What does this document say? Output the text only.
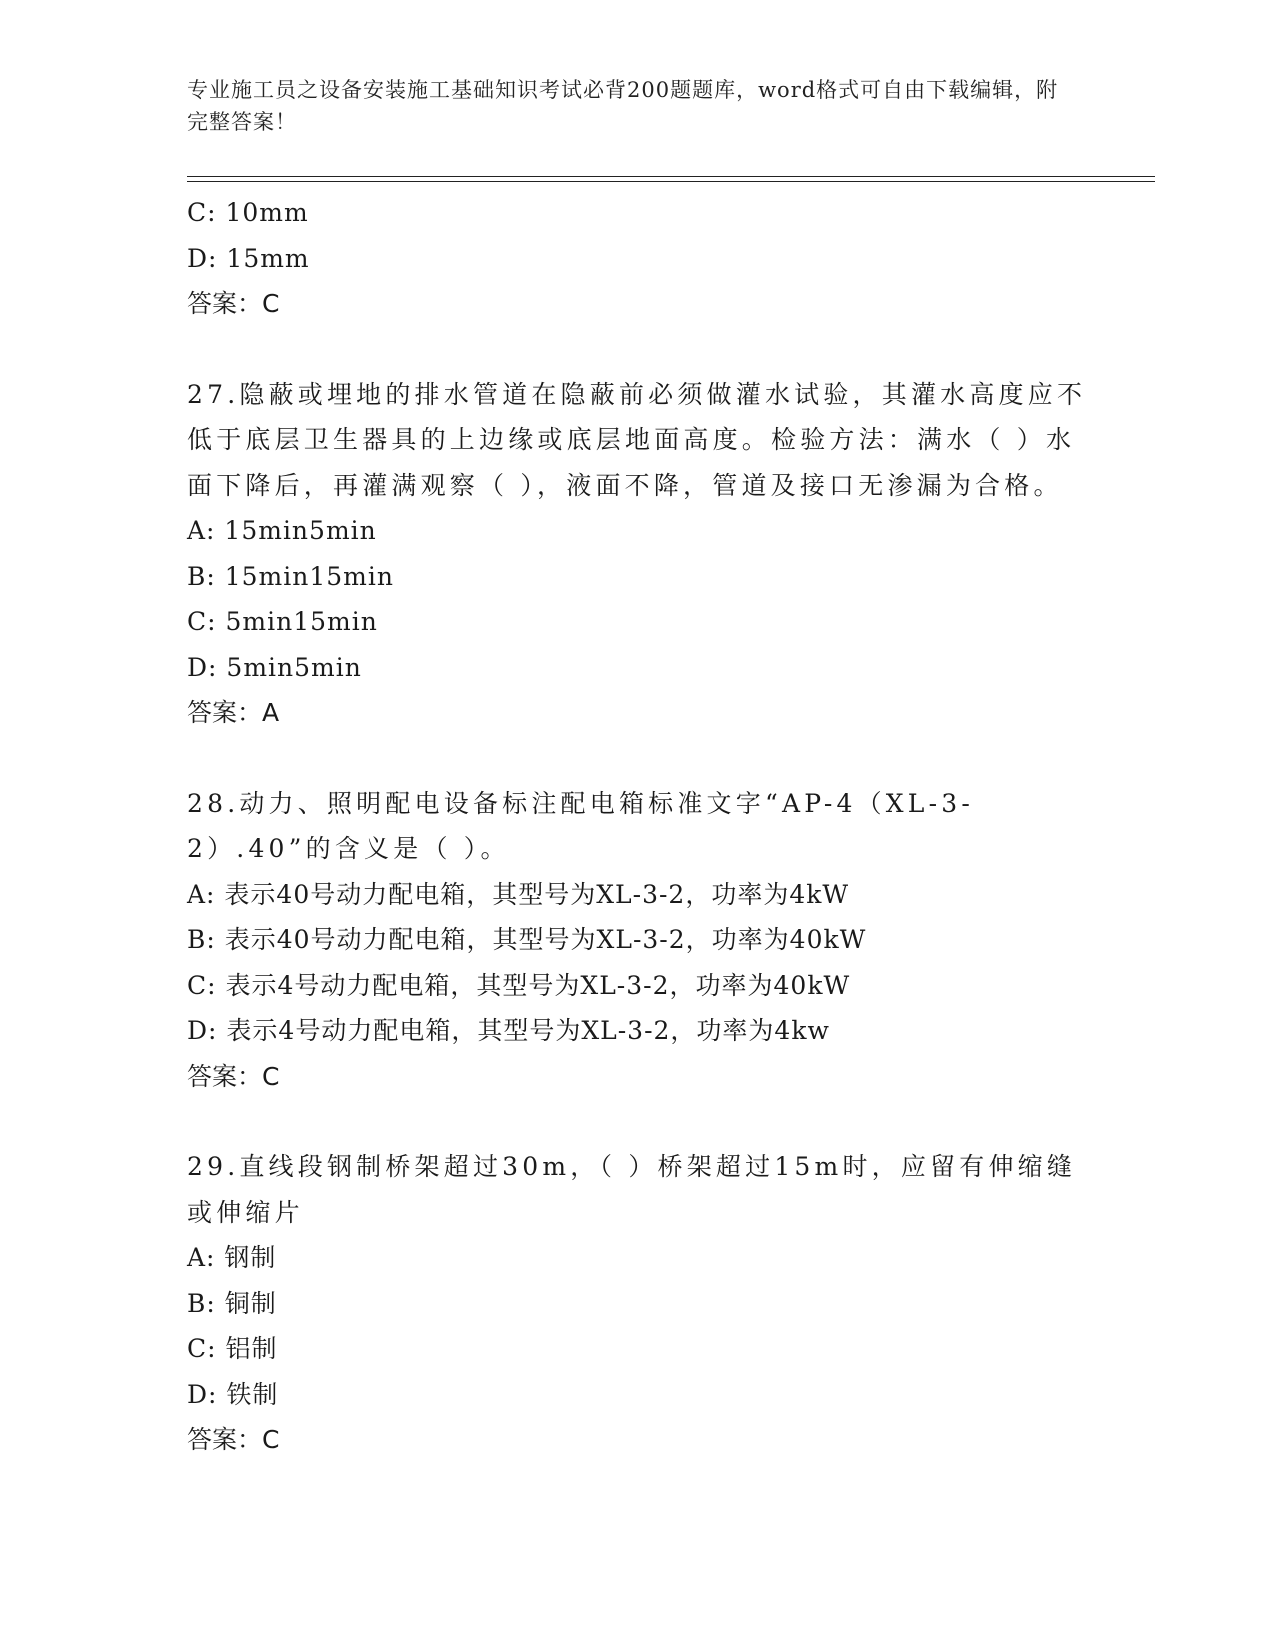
专业施工员之设备安装施工基础知识考试必背200题题库，word格式可自由下载编辑，附完整答案！
C: 10mm
D: 15mm
答案：C
27.隐蔽或埋地的排水管道在隐蔽前必须做灌水试验，其灌水高度应不低于底层卫生器具的上边缘或底层地面高度。检验方法：满水（ ）水面下降后，再灌满观察（ ），液面不降，管道及接口无渗漏为合格。
A: 15min5min
B: 15min15min
C: 5min15min
D: 5min5min
答案：A
28.动力、照明配电设备标注配电箱标准文字“AP-4（XL-3-2）.40”的含义是（ ）。
A: 表示40号动力配电箱，其型号为XL-3-2，功率为4kW
B: 表示40号动力配电箱，其型号为XL-3-2，功率为40kW
C: 表示4号动力配电箱，其型号为XL-3-2，功率为40kW
D: 表示4号动力配电箱，其型号为XL-3-2，功率为4kw
答案：C
29.直线段钢制桥架超过30m，（ ）桥架超过15m时，应留有伸缩缝或伸缩片
A: 钢制
B: 铜制
C: 铝制
D: 铁制
答案：C
